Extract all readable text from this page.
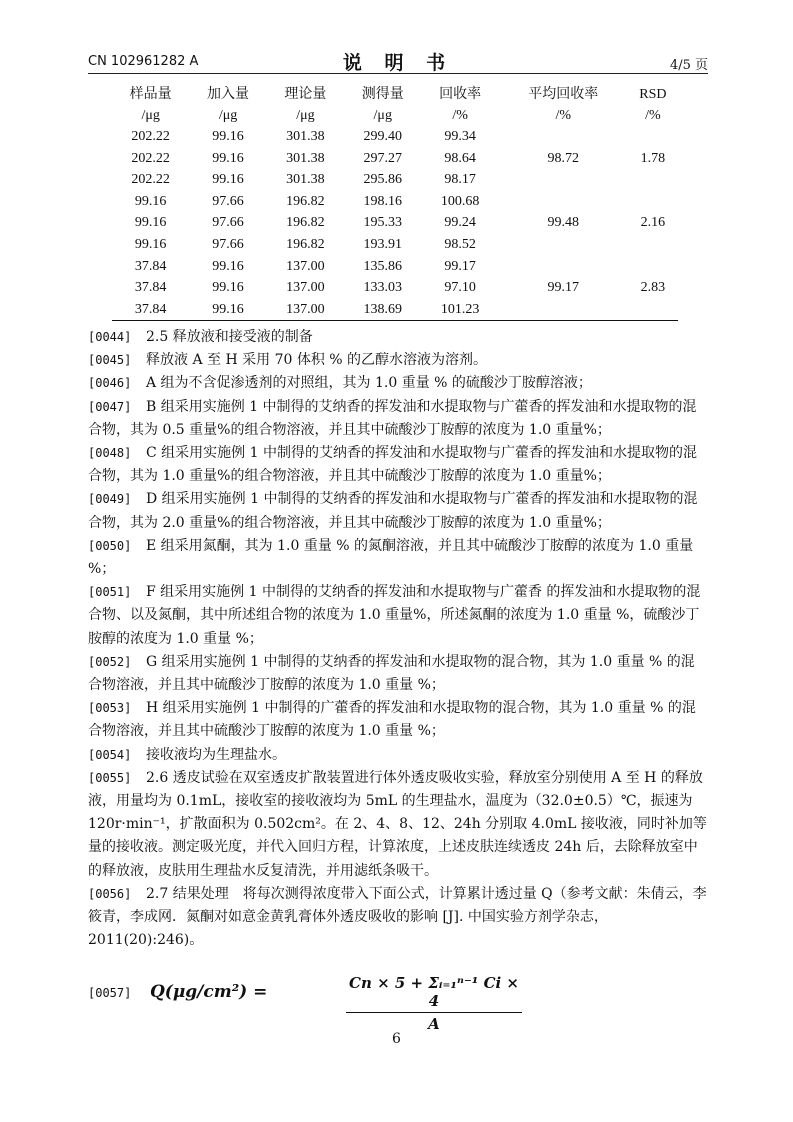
CN 102961282 A	说 明 书	4/5 页
样品量	加入量	理论量	测得量	回收率	平均回收率	RSD
/μg	/μg	/μg	/μg	/%	/%	/%
202.22	99.16	301.38	299.40	99.34		
202.22	99.16	301.38	297.27	98.64	98.72	1.78
202.22	99.16	301.38	295.86	98.17		
99.16	97.66	196.82	198.16	100.68		
99.16	97.66	196.82	195.33	99.24	99.48	2.16
99.16	97.66	196.82	193.91	98.52		
37.84	99.16	137.00	135.86	99.17		
37.84	99.16	137.00	133.03	97.10	99.17	2.83
37.84	99.16	137.00	138.69	101.23		
[0044] 2.5 释放液和接受液的制备
[0045] 释放液 A 至 H 采用 70 体积 % 的乙醇水溶液为溶剂。
[0046] A 组为不含促渗透剂的对照组，其为 1.0 重量 % 的硫酸沙丁胺醇溶液；
[0047] B 组采用实施例 1 中制得的艾纳香的挥发油和水提取物与广藿香的挥发油和水提取物的混合物，其为 0.5 重量%的组合物溶液，并且其中硫酸沙丁胺醇的浓度为 1.0 重量%；
[0048] C 组采用实施例 1 中制得的艾纳香的挥发油和水提取物与广藿香的挥发油和水提取物的混合物，其为 1.0 重量%的组合物溶液，并且其中硫酸沙丁胺醇的浓度为 1.0 重量%；
[0049] D 组采用实施例 1 中制得的艾纳香的挥发油和水提取物与广藿香的挥发油和水提取物的混合物，其为 2.0 重量%的组合物溶液，并且其中硫酸沙丁胺醇的浓度为 1.0 重量%；
[0050] E 组采用氮酮，其为 1.0 重量 % 的氮酮溶液，并且其中硫酸沙丁胺醇的浓度为 1.0 重量 %；
[0051] F 组采用实施例 1 中制得的艾纳香的挥发油和水提取物与广藿香 的挥发油和水提取物的混合物、以及氮酮，其中所述组合物的浓度为 1.0 重量%，所述氮酮的浓度为 1.0 重量 %，硫酸沙丁胺醇的浓度为 1.0 重量 %；
[0052] G 组采用实施例 1 中制得的艾纳香的挥发油和水提取物的混合物，其为 1.0 重量 % 的混合物溶液，并且其中硫酸沙丁胺醇的浓度为 1.0 重量 %；
[0053] H 组采用实施例 1 中制得的广藿香的挥发油和水提取物的混合物，其为 1.0 重量 % 的混合物溶液，并且其中硫酸沙丁胺醇的浓度为 1.0 重量 %；
[0054] 接收液均为生理盐水。
[0055] 2.6 透皮试验在双室透皮扩散装置进行体外透皮吸收实验，释放室分别使用 A 至 H 的释放液，用量均为 0.1mL，接收室的接收液均为 5mL 的生理盐水，温度为（32.0±0.5）℃，振速为 120r·min⁻¹，扩散面积为 0.502cm²。在 2、4、8、12、24h 分别取 4.0mL 接收液，同时补加等量的接收液。测定吸光度，并代入回归方程，计算浓度，上述皮肤连续透皮 24h 后，去除释放室中的释放液，皮肤用生理盐水反复清洗，并用滤纸条吸干。
[0056] 2.7 结果处理　将每次测得浓度带入下面公式，计算累计透过量 Q（参考文献：朱倩云，李筱青，李成网．氮酮对如意金黄乳膏体外透皮吸收的影响 [J]. 中国实验方剂学杂志，2011(20):246)。
[0057]	Q(μg/cm²) =	Cn × 5 + Σᵢ₌₁ⁿ⁻¹ Ci × 4
A
6
